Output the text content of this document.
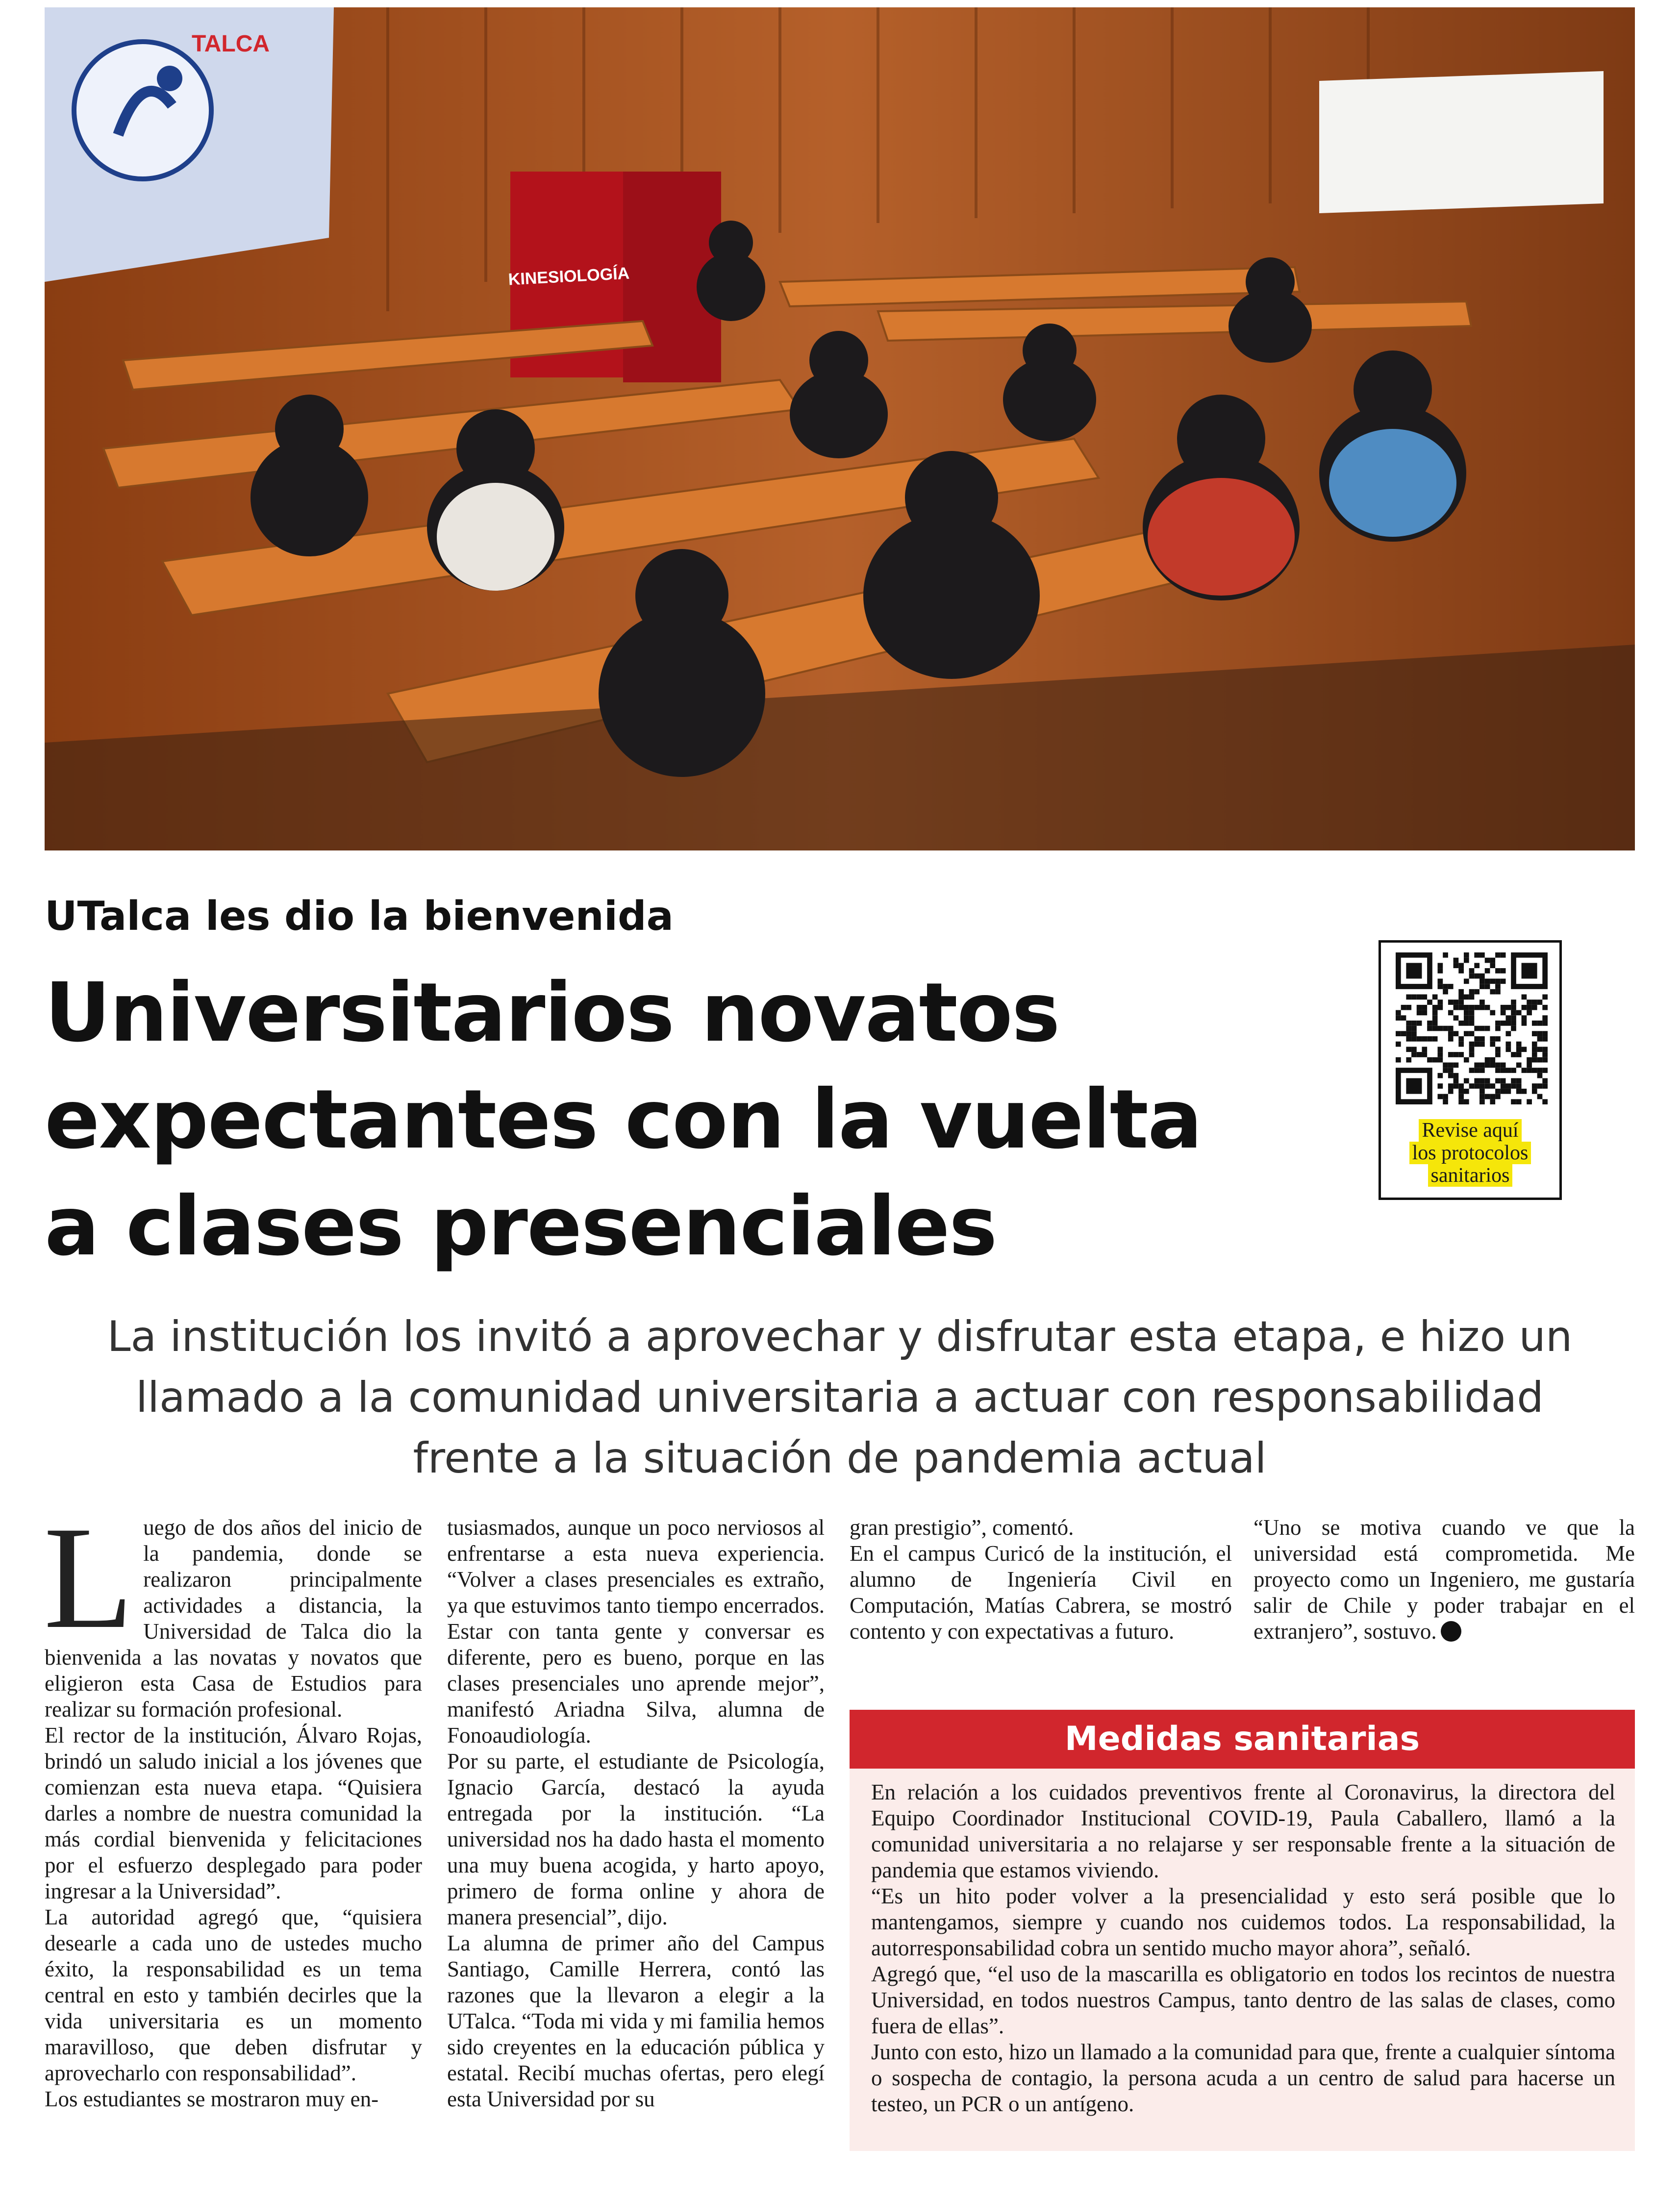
TALCA
KINESIOLOGÍA
UTalca les dio la bienvenida
Universitarios novatos
expectantes con la vuelta
a clases presenciales
Revise aquí
los protocolos
sanitarios
La institución los invitó a aprovechar y disfrutar esta etapa, e hizo un
llamado a la comunidad universitaria a actuar con responsabilidad
frente a la situación de pandemia actual
L uego de dos años del inicio de la pandemia, donde se realizaron principalmente actividades a distancia, la Universidad de Talca dio la bienvenida a las novatas y novatos que eligieron esta Casa de Estudios para realizar su formación profesional.

El rector de la institución, Álvaro Rojas, brindó un saludo inicial a los jóvenes que comienzan esta nueva etapa. “Quisiera darles a nombre de nuestra comunidad la más cordial bienvenida y felicitaciones por el esfuerzo desplegado para poder ingresar a la Universidad”.

La autoridad agregó que, “quisiera desearle a cada uno de ustedes mucho éxito, la responsabilidad es un tema central en esto y también decirles que la vida universitaria es un momento maravilloso, que deben disfrutar y aprovecharlo con responsabilidad”.

Los estudiantes se mostraron muy en-

tusiasmados, aunque un poco nerviosos al enfrentarse a esta nueva experiencia. “Volver a clases presenciales es extraño, ya que estuvimos tanto tiempo encerrados. Estar con tanta gente y conversar es diferente, pero es bueno, porque en las clases presenciales uno aprende mejor”, manifestó Ariadna Silva, alumna de Fonoaudiología.

Por su parte, el estudiante de Psicología, Ignacio García, destacó la ayuda entregada por la institución. “La universidad nos ha dado hasta el momento una muy buena acogida, y harto apoyo, primero de forma online y ahora de manera presencial”, dijo.

La alumna de primer año del Campus Santiago, Camille Herrera, contó las razones que la llevaron a elegir a la UTalca. “Toda mi vida y mi familia hemos sido creyentes en la educación pública y estatal. Recibí muchas ofertas, pero elegí esta Universidad por su

gran prestigio”, comentó.

En el campus Curicó de la institución, el alumno de Ingeniería Civil en Computación, Matías Cabrera, se mostró contento y con expectativas a futuro.

“Uno se motiva cuando ve que la universidad está comprometida. Me proyecto como un Ingeniero, me gustaría salir de Chile y poder trabajar en el extranjero”, sostuvo.

Medidas sanitarias

En relación a los cuidados preventivos frente al Coronavirus, la directora del Equipo Coordinador Institucional COVID-19, Paula Caballero, llamó a la comunidad universitaria a no relajarse y ser responsable frente a la situación de pandemia que estamos viviendo.

“Es un hito poder volver a la presencialidad y esto será posible que lo mantengamos, siempre y cuando nos cuidemos todos. La responsabilidad, la autorresponsabilidad cobra un sentido mucho mayor ahora”, señaló.

Agregó que, “el uso de la mascarilla es obligatorio en todos los recintos de nuestra Universidad, en todos nuestros Campus, tanto dentro de las salas de clases, como fuera de ellas”.

Junto con esto, hizo un llamado a la comunidad para que, frente a cualquier síntoma o sospecha de contagio, la persona acuda a un centro de salud para hacerse un testeo, un PCR o un antígeno.
